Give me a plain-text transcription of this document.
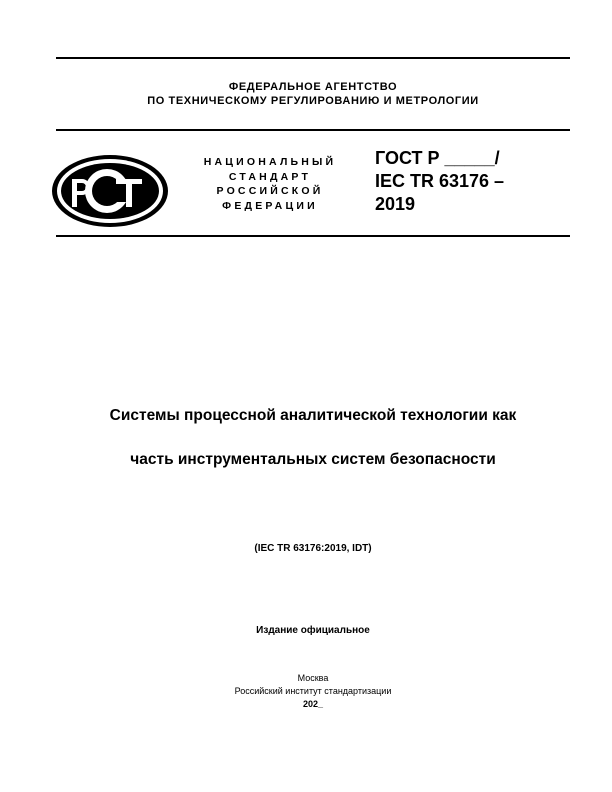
ФЕДЕРАЛЬНОЕ АГЕНТСТВО
ПО ТЕХНИЧЕСКОМУ РЕГУЛИРОВАНИЮ И МЕТРОЛОГИИ
НАЦИОНАЛЬНЫЙ
СТАНДАРТ
РОССИЙСКОЙ
ФЕДЕРАЦИИ
ГОСТ Р _____/
IEC TR 63176 –
2019
Системы процессной аналитической технологии как
часть инструментальных систем безопасности
(IEC TR 63176:2019, IDT)
Издание официальное
Москва
Российский институт стандартизации
202_
